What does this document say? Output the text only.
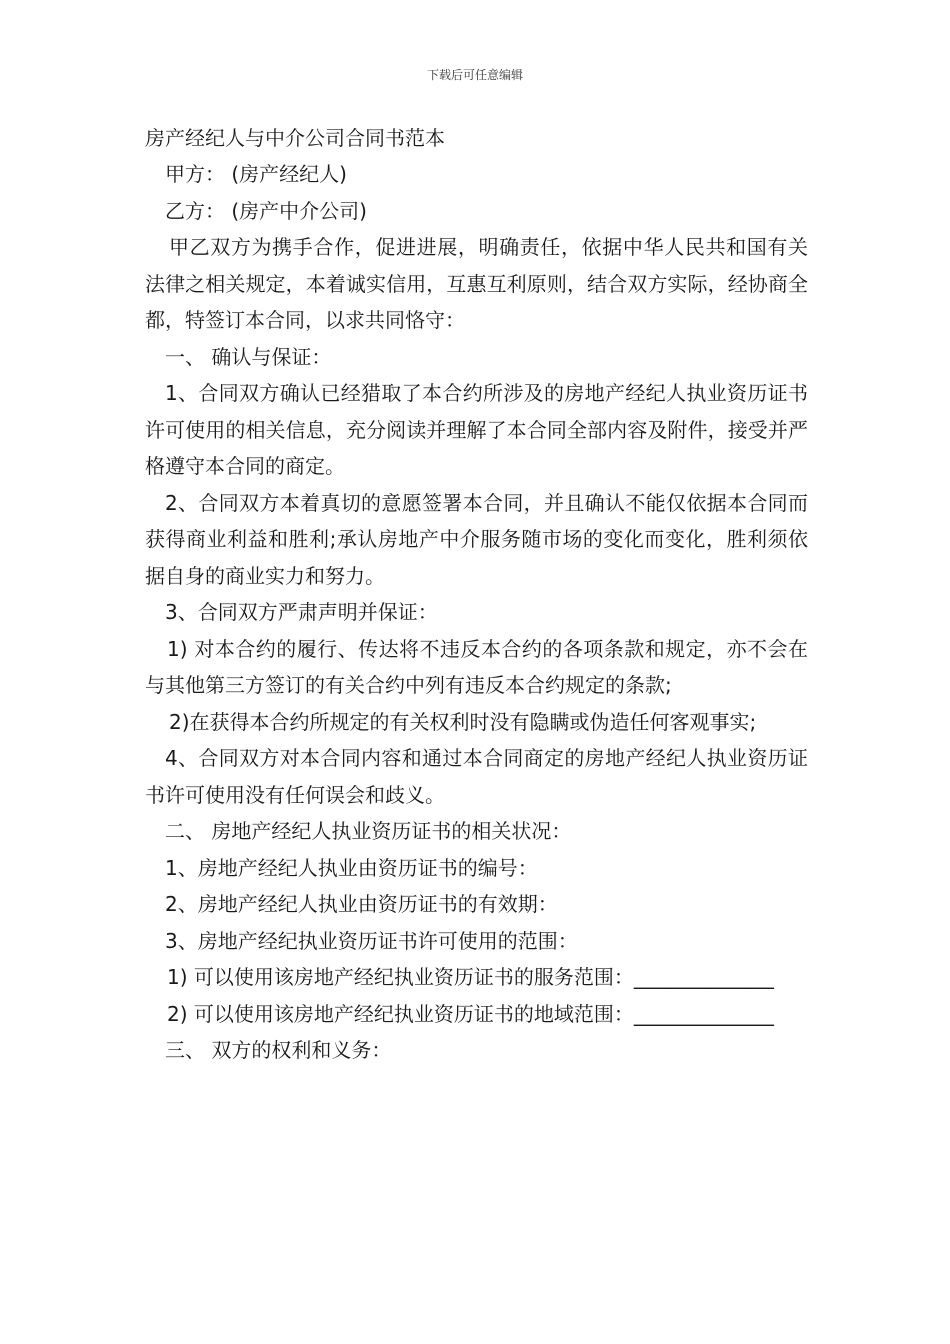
下载后可任意编辑

房产经纪人与中介公司合同书范本

甲方： (房产经纪人)

乙方： (房产中介公司)

甲乙双方为携手合作，促进进展，明确责任，依据中华人民共和国有关法律之相关规定，本着诚实信用，互惠互利原则，结合双方实际，经协商全都，特签订本合同，以求共同恪守：

一、 确认与保证：

1、合同双方确认已经猎取了本合约所涉及的房地产经纪人执业资历证书许可使用的相关信息，充分阅读并理解了本合同全部内容及附件，接受并严格遵守本合同的商定。

2、合同双方本着真切的意愿签署本合同，并且确认不能仅依据本合同而获得商业利益和胜利;承认房地产中介服务随市场的变化而变化，胜利须依据自身的商业实力和努力。

3、合同双方严肃声明并保证：

1) 对本合约的履行、传达将不违反本合约的各项条款和规定，亦不会在与其他第三方签订的有关合约中列有违反本合约规定的条款;

2)在获得本合约所规定的有关权利时没有隐瞒或伪造任何客观事实;

4、合同双方对本合同内容和通过本合同商定的房地产经纪人执业资历证书许可使用没有任何误会和歧义。

二、 房地产经纪人执业资历证书的相关状况：

1、房地产经纪人执业由资历证书的编号：

2、房地产经纪人执业由资历证书的有效期：

3、房地产经纪执业资历证书许可使用的范围：

1) 可以使用该房地产经纪执业资历证书的服务范围：______________

2) 可以使用该房地产经纪执业资历证书的地域范围：______________

三、 双方的权利和义务：
